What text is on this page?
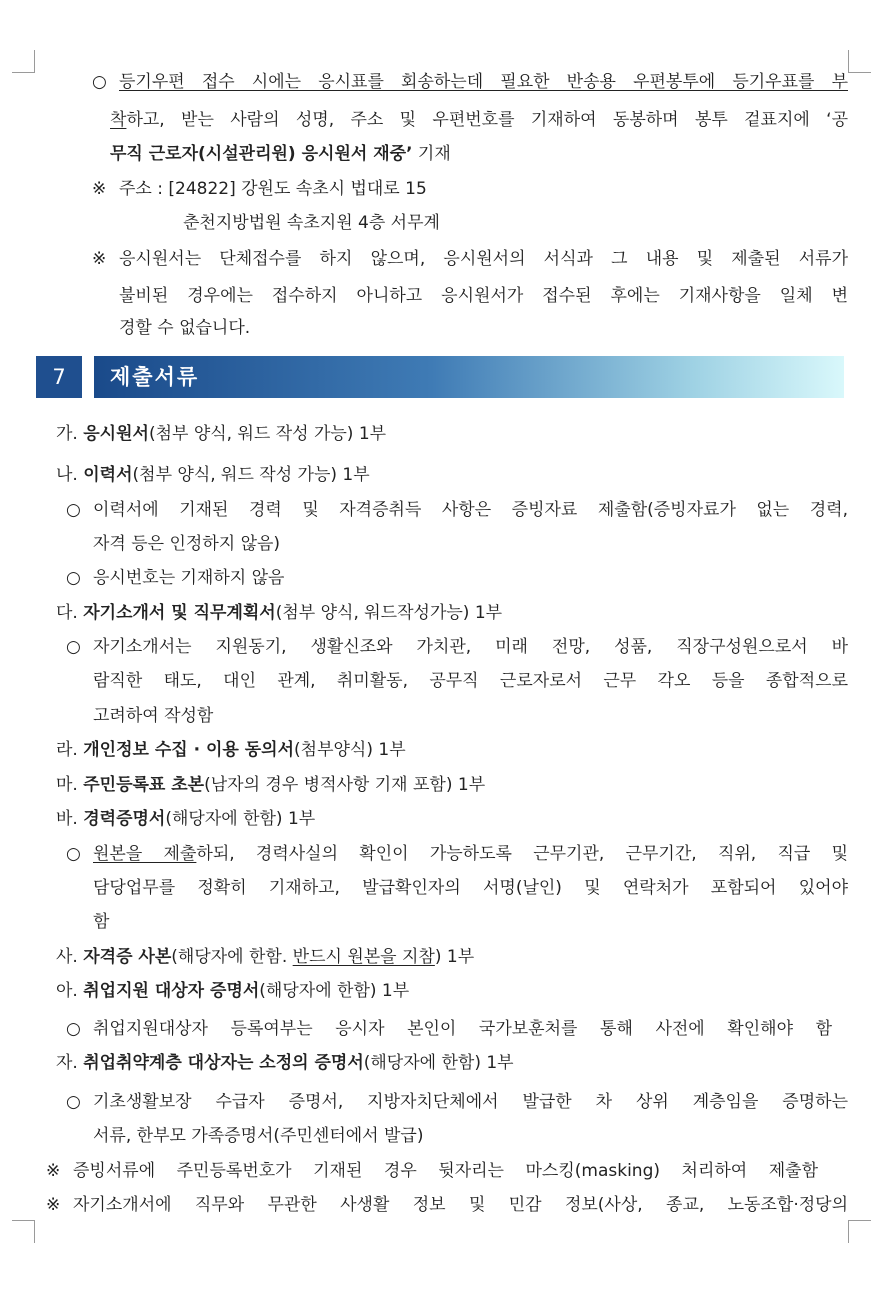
○ 등기우편 접수 시에는 응시표를 회송하는데 필요한 반송용 우편봉투에 등기우표를 부
착하고, 받는 사람의 성명, 주소 및 우편번호를 기재하여 동봉하며 봉투 겉표지에 ‘공
무직 근로자(시설관리원) 응시원서 재중’ 기재
※ 주소 : [24822] 강원도 속초시 법대로 15
춘천지방법원 속초지원 4층 서무계
※ 응시원서는 단체접수를 하지 않으며, 응시원서의 서식과 그 내용 및 제출된 서류가
불비된 경우에는 접수하지 아니하고 응시원서가 접수된 후에는 기재사항을 일체 변
경할 수 없습니다.
7	제출서류
가. 응시원서(첨부 양식, 워드 작성 가능) 1부
나. 이력서(첨부 양식, 워드 작성 가능) 1부
○ 이력서에 기재된 경력 및 자격증취득 사항은 증빙자료 제출함(증빙자료가 없는 경력,
자격 등은 인정하지 않음)
○ 응시번호는 기재하지 않음
다. 자기소개서 및 직무계획서(첨부 양식, 워드작성가능) 1부
○ 자기소개서는 지원동기, 생활신조와 가치관, 미래 전망, 성품, 직장구성원으로서 바
람직한 태도, 대인 관계, 취미활동, 공무직 근로자로서 근무 각오 등을 종합적으로
고려하여 작성함
라. 개인정보 수집 · 이용 동의서(첨부양식) 1부
마. 주민등록표 초본(남자의 경우 병적사항 기재 포함) 1부
바. 경력증명서(해당자에 한함) 1부
○ 원본을 제출하되, 경력사실의 확인이 가능하도록 근무기관, 근무기간, 직위, 직급 및
담당업무를 정확히 기재하고, 발급확인자의 서명(날인) 및 연락처가 포함되어 있어야
함
사. 자격증 사본(해당자에 한함. 반드시 원본을 지참) 1부
아. 취업지원 대상자 증명서(해당자에 한함) 1부
○ 취업지원대상자 등록여부는 응시자 본인이 국가보훈처를 통해 사전에 확인해야 함
자. 취업취약계층 대상자는 소정의 증명서(해당자에 한함) 1부
○ 기초생활보장 수급자 증명서, 지방자치단체에서 발급한 차 상위 계층임을 증명하는
서류, 한부모 가족증명서(주민센터에서 발급)
※ 증빙서류에 주민등록번호가 기재된 경우 뒷자리는 마스킹(masking) 처리하여 제출함
※ 자기소개서에 직무와 무관한 사생활 정보 및 민감 정보(사상, 종교, 노동조합·정당의
